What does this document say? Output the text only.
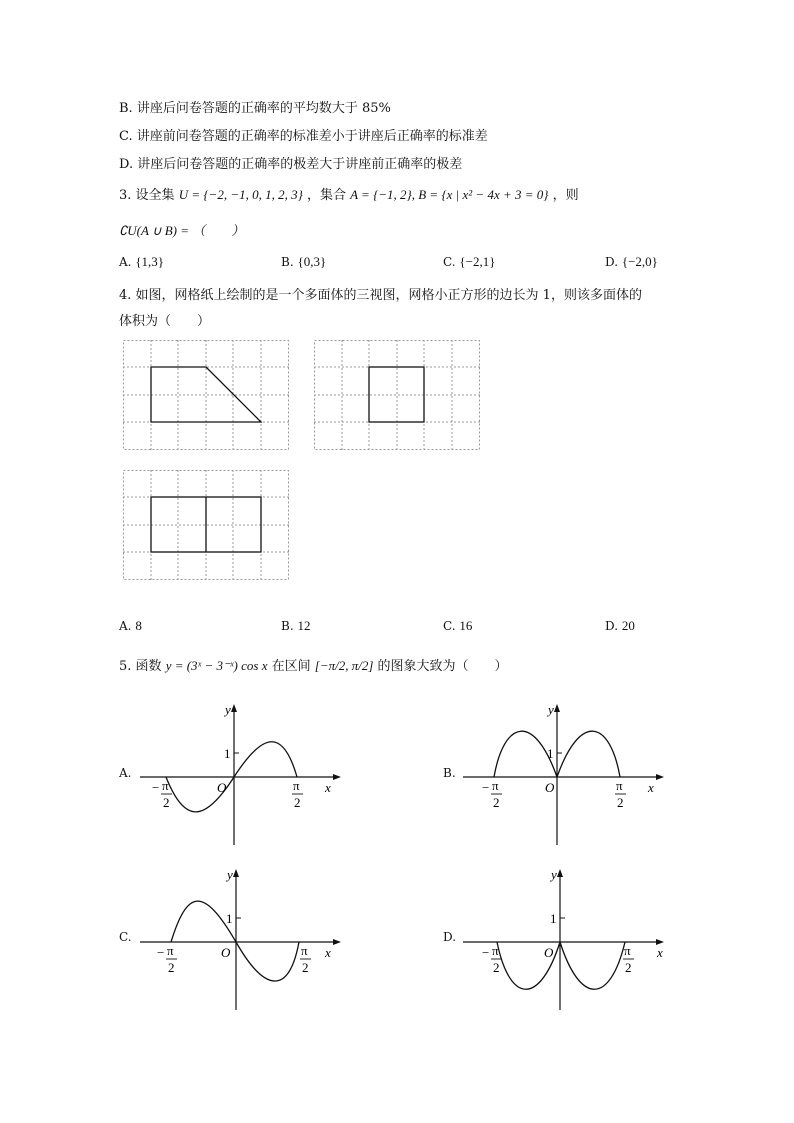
B. 讲座后问卷答题的正确率的平均数大于 85%
C. 讲座前问卷答题的正确率的标准差小于讲座后正确率的标准差
D. 讲座后问卷答题的正确率的极差大于讲座前正确率的极差
3. 设全集 U = {−2, −1, 0, 1, 2, 3} ，集合 A = {−1, 2}, B = {x | x² − 4x + 3 = 0} ，则
∁U(A ∪ B) = （　　）
A. {1,3}	B. {0,3}	C. {−2,1}	D. {−2,0}
4. 如图，网格纸上绘制的是一个多面体的三视图，网格小正方形的边长为 1，则该多面体的
体积为（　　）
A. 8	B. 12	C. 16	D. 20
5. 函数 y = (3ˣ − 3⁻ˣ) cos x 在区间 [−π/2, π/2] 的图象大致为（　　）
A.
y
x
O
1
− π
2
π
2
B.
y
x
O
1
− π
2
π
2
C.
y
x
O
1
− π
2
π
2
D.
y
x
O
1
− π
2
π
2
